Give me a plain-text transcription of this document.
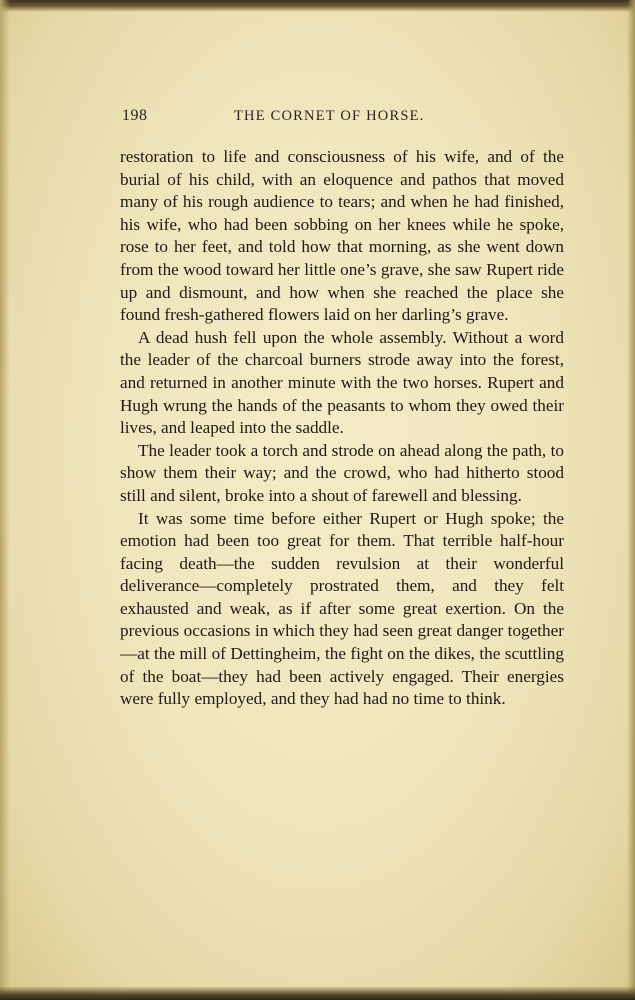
198	THE CORNET OF HORSE.

restoration to life and consciousness of his wife, and of the burial of his child, with an eloquence and pathos that moved many of his rough audience to tears; and when he had finished, his wife, who had been sobbing on her knees while he spoke, rose to her feet, and told how that morning, as she went down from the wood toward her little one’s grave, she saw Rupert ride up and dismount, and how when she reached the place she found fresh-gathered flowers laid on her darling’s grave.

A dead hush fell upon the whole assembly. Without a word the leader of the charcoal burners strode away into the forest, and returned in another minute with the two horses. Rupert and Hugh wrung the hands of the peasants to whom they owed their lives, and leaped into the saddle.

The leader took a torch and strode on ahead along the path, to show them their way; and the crowd, who had hitherto stood still and silent, broke into a shout of farewell and blessing.

It was some time before either Rupert or Hugh spoke; the emotion had been too great for them. That terrible half-hour facing death—the sudden revulsion at their wonderful deliverance—completely prostrated them, and they felt exhausted and weak, as if after some great exertion. On the previous occasions in which they had seen great danger together—at the mill of Dettingheim, the fight on the dikes, the scuttling of the boat—they had been actively engaged. Their energies were fully employed, and they had had no time to think.
